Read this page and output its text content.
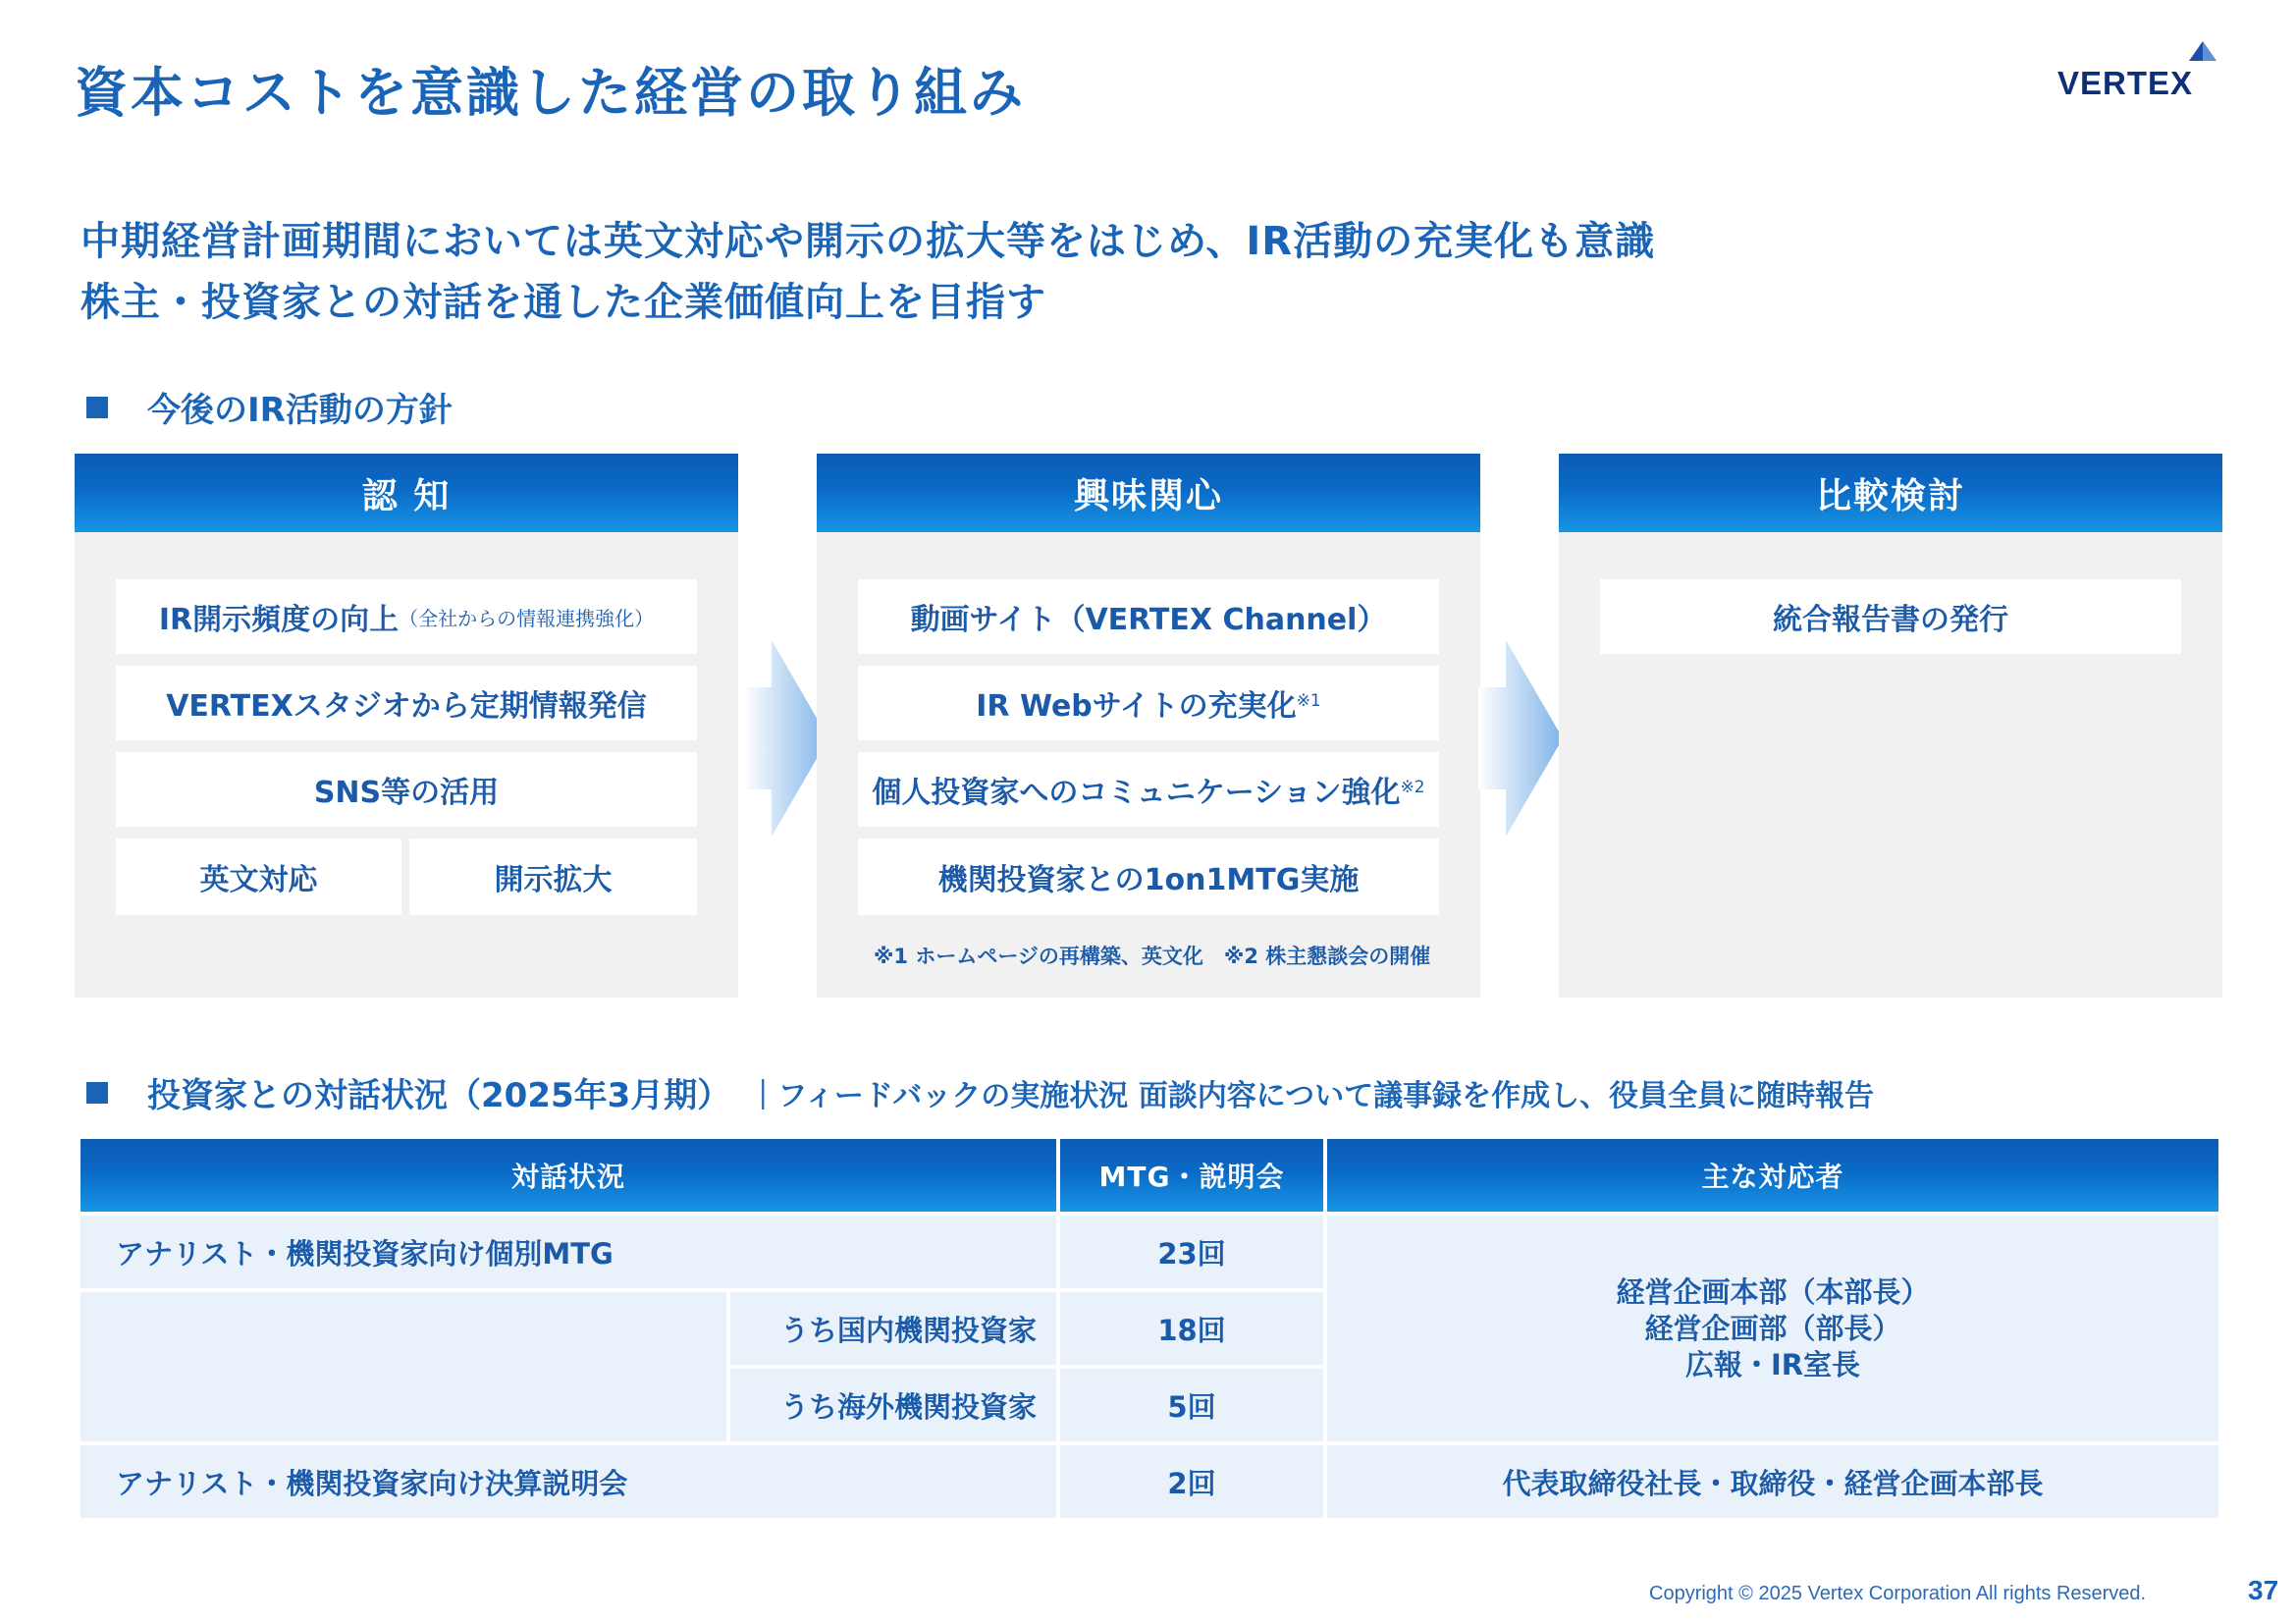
資本コストを意識した経営の取り組み	VERTEX
中期経営計画期間においては英文対応や開示の拡大等をはじめ、IR活動の充実化も意識
株主・投資家との対話を通した企業価値向上を目指す
今後のIR活動の方針
認 知
IR開示頻度の向上 （全社からの情報連携強化）
VERTEXスタジオから定期情報発信
SNS等の活用
英文対応	開示拡大
興味関心
動画サイト（VERTEX Channel）
IR Webサイトの充実化$^{※1}$
個人投資家へのコミュニケーション強化$^{※2}$
機関投資家との1on1MTG実施
※1 ホームページの再構築、英文化　※2 株主懇談会の開催
比較検討
統合報告書の発行
投資家との対話状況（2025年3月期） ｜フィードバックの実施状況 面談内容について議事録を作成し、役員全員に随時報告
対話状況	MTG・説明会	主な対応者
アナリスト・機関投資家向け個別MTG	23回
うち国内機関投資家	18回
うち海外機関投資家	5回
経営企画本部（本部長）
経営企画部（部長）
広報・IR室長
アナリスト・機関投資家向け決算説明会	2回	代表取締役社長・取締役・経営企画本部長
Copyright © 2025 Vertex Corporation All rights Reserved.	37
